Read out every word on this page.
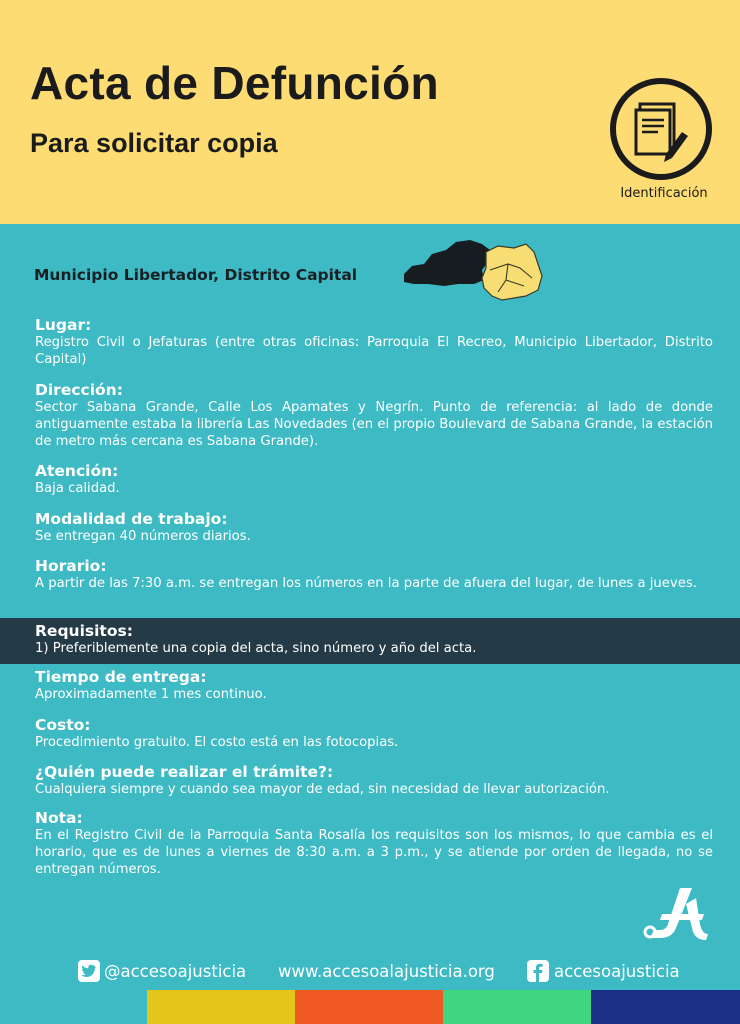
Acta de Defunción
Para solicitar copia
Identificación
Municipio Libertador, Distrito Capital
Lugar:

Registro Civil o Jefaturas (entre otras oficinas: Parroquia El Recreo, Municipio Libertador, Distrito Capital)

Dirección:

Sector Sabana Grande, Calle Los Apamates y Negrín. Punto de referencia: al lado de donde antiguamente estaba la librería Las Novedades (en el propio Boulevard de Sabana Grande, la estación de metro más cercana es Sabana Grande).

Atención:

Baja calidad.

Modalidad de trabajo:

Se entregan 40 números diarios.

Horario:

A partir de las 7:30 a.m. se entregan los números en la parte de afuera del lugar, de lunes a jueves.

Requisitos:

1) Preferiblemente una copia del acta, sino número y año del acta.

Tiempo de entrega:

Aproximadamente 1 mes continuo.

Costo:

Procedimiento gratuito. El costo está en las fotocopias.

¿Quién puede realizar el trámite?:

Cualquiera siempre y cuando sea mayor de edad, sin necesidad de llevar autorización.

Nota:

En el Registro Civil de la Parroquia Santa Rosalía los requisitos son los mismos, lo que cambia es el horario, que es de lunes a viernes de 8:30 a.m. a 3 p.m., y se atiende por orden de llegada, no se entregan números.

@accesoajusticia www.accesoalajusticia.org	accesoajusticia
